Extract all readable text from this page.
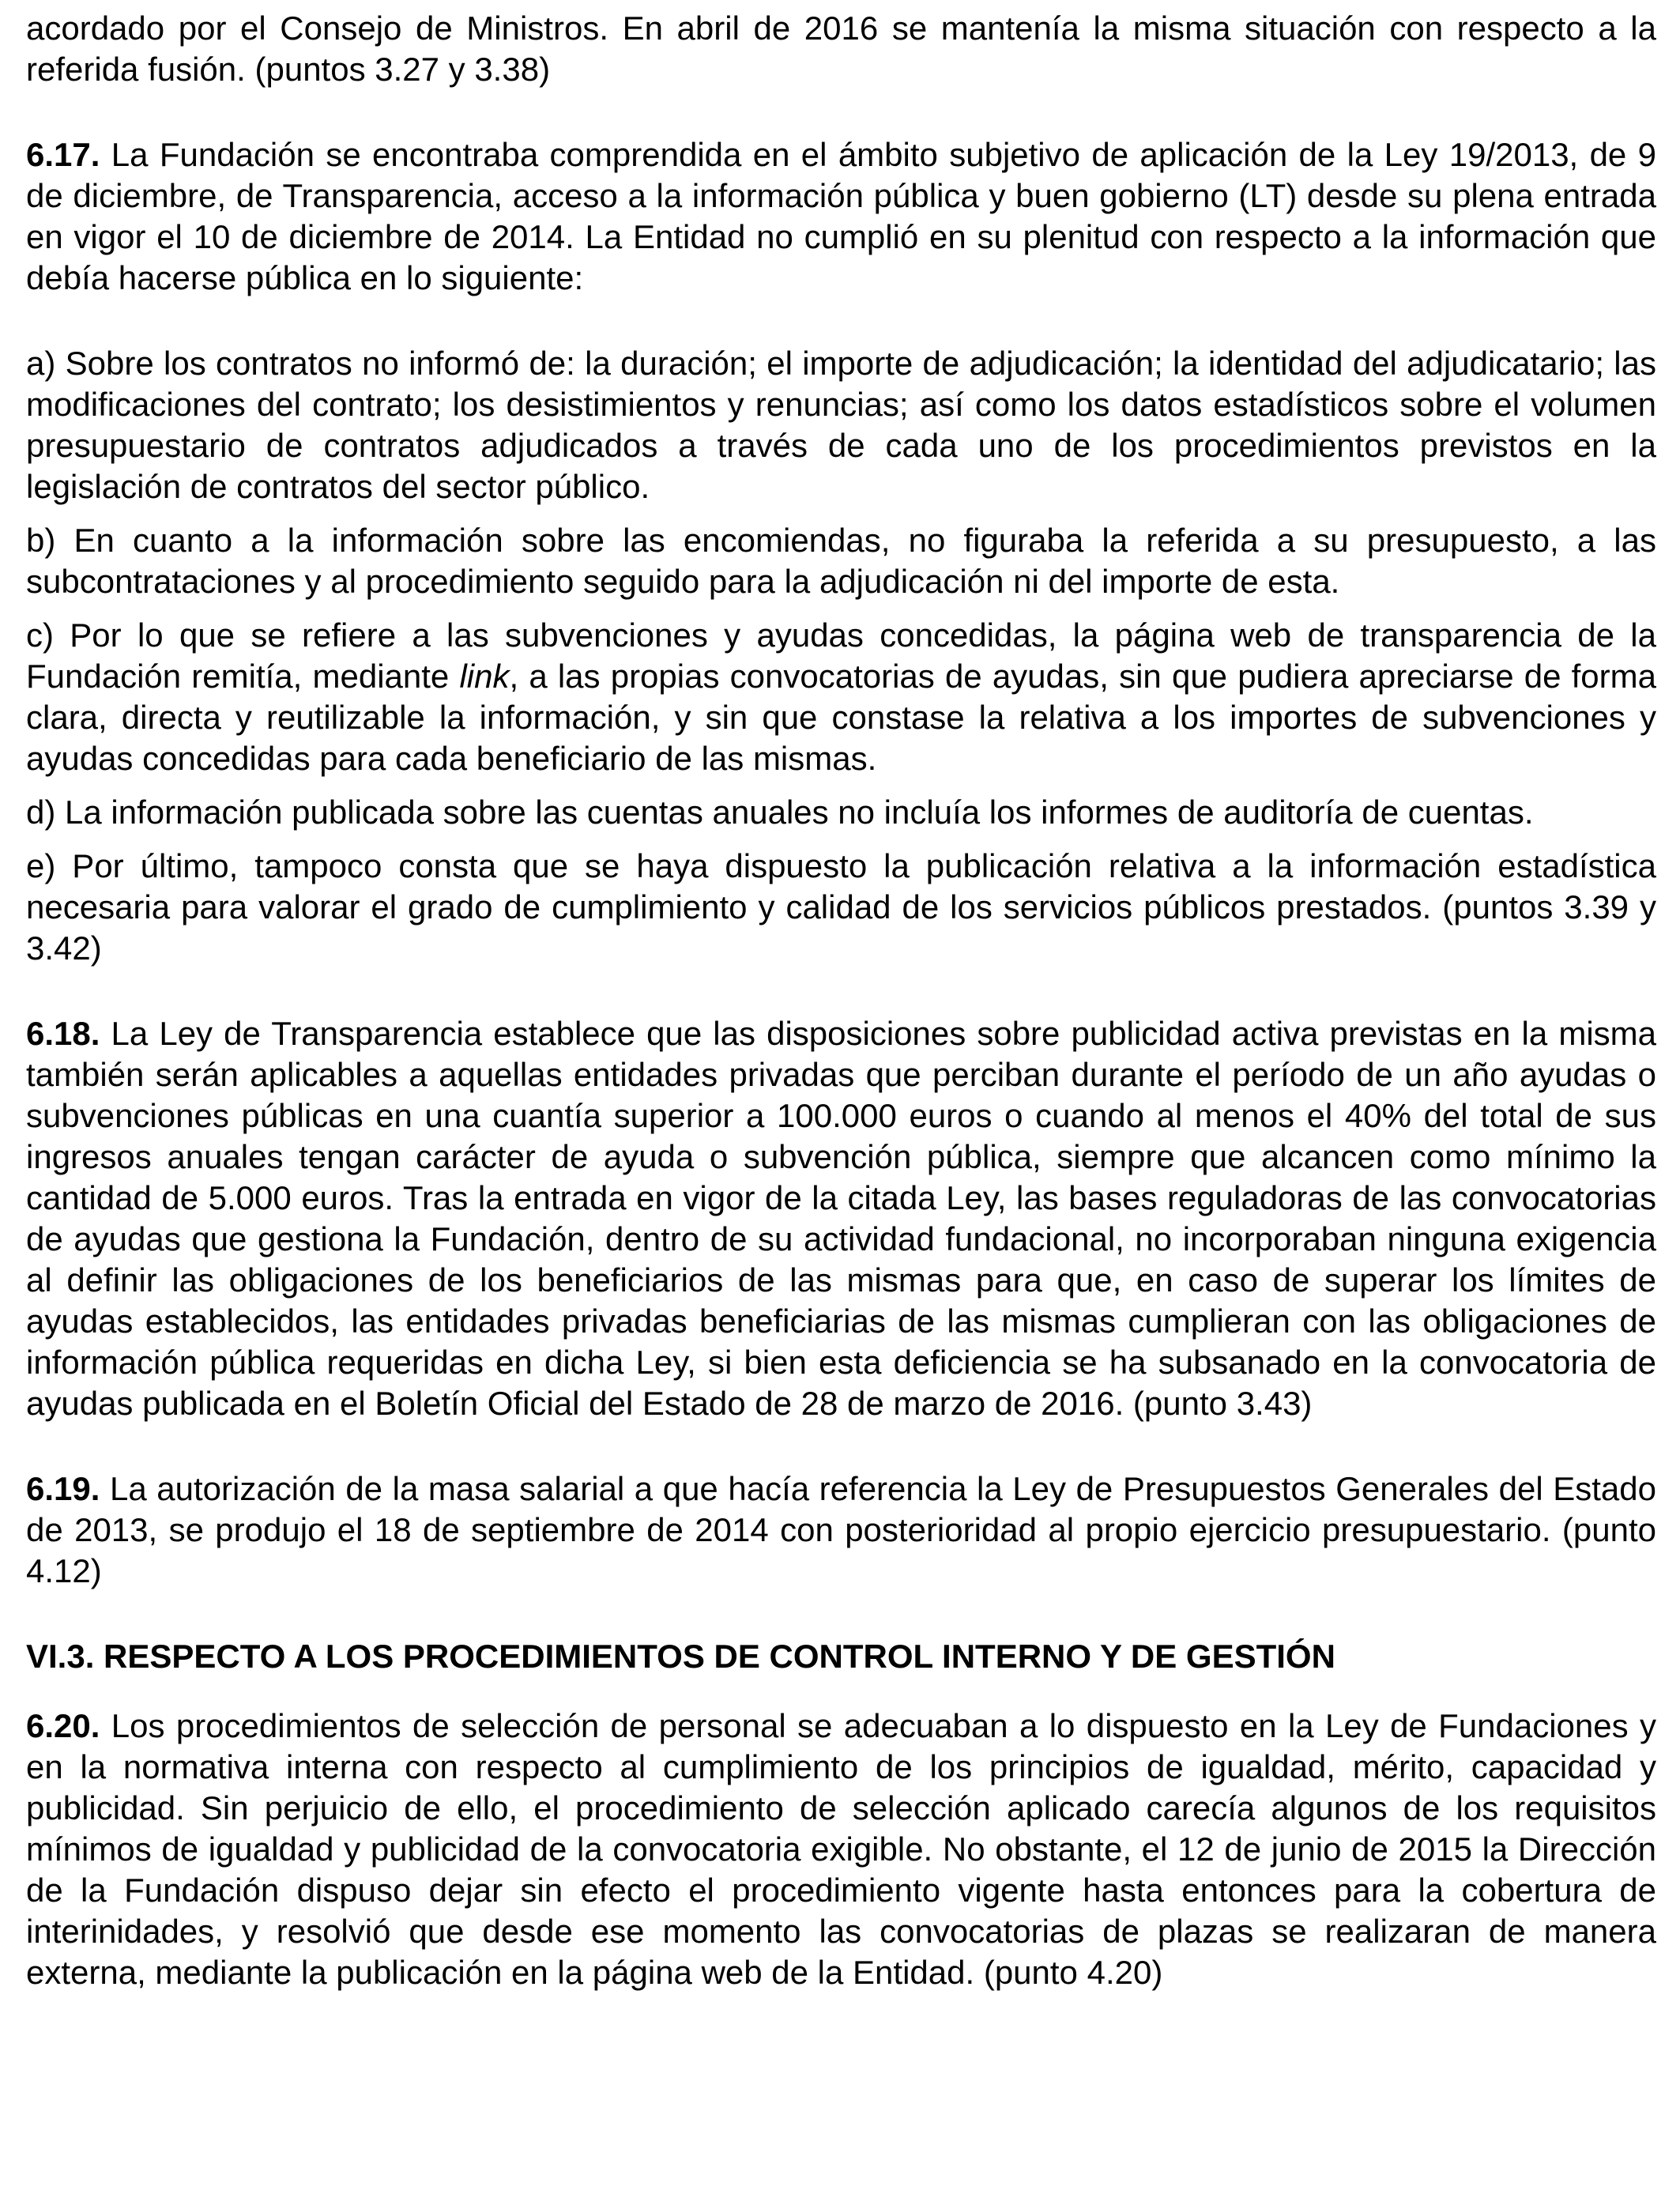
acordado por el Consejo de Ministros. En abril de 2016 se mantenía la misma situación con respecto a la referida fusión. (puntos 3.27 y 3.38)

6.17. La Fundación se encontraba comprendida en el ámbito subjetivo de aplicación de la Ley 19/2013, de 9 de diciembre, de Transparencia, acceso a la información pública y buen gobierno (LT) desde su plena entrada en vigor el 10 de diciembre de 2014. La Entidad no cumplió en su plenitud con respecto a la información que debía hacerse pública en lo siguiente:

a) Sobre los contratos no informó de: la duración; el importe de adjudicación; la identidad del adjudicatario; las modificaciones del contrato; los desistimientos y renuncias; así como los datos estadísticos sobre el volumen presupuestario de contratos adjudicados a través de cada uno de los procedimientos previstos en la legislación de contratos del sector público.

b) En cuanto a la información sobre las encomiendas, no figuraba la referida a su presupuesto, a las subcontrataciones y al procedimiento seguido para la adjudicación ni del importe de esta.

c) Por lo que se refiere a las subvenciones y ayudas concedidas, la página web de transparencia de la Fundación remitía, mediante link, a las propias convocatorias de ayudas, sin que pudiera apreciarse de forma clara, directa y reutilizable la información, y sin que constase la relativa a los importes de subvenciones y ayudas concedidas para cada beneficiario de las mismas.

d) La información publicada sobre las cuentas anuales no incluía los informes de auditoría de cuentas.

e) Por último, tampoco consta que se haya dispuesto la publicación relativa a la información estadística necesaria para valorar el grado de cumplimiento y calidad de los servicios públicos prestados. (puntos 3.39 y 3.42)

6.18. La Ley de Transparencia establece que las disposiciones sobre publicidad activa previstas en la misma también serán aplicables a aquellas entidades privadas que perciban durante el período de un año ayudas o subvenciones públicas en una cuantía superior a 100.000 euros o cuando al menos el 40% del total de sus ingresos anuales tengan carácter de ayuda o subvención pública, siempre que alcancen como mínimo la cantidad de 5.000 euros. Tras la entrada en vigor de la citada Ley, las bases reguladoras de las convocatorias de ayudas que gestiona la Fundación, dentro de su actividad fundacional, no incorporaban ninguna exigencia al definir las obligaciones de los beneficiarios de las mismas para que, en caso de superar los límites de ayudas establecidos, las entidades privadas beneficiarias de las mismas cumplieran con las obligaciones de información pública requeridas en dicha Ley, si bien esta deficiencia se ha subsanado en la convocatoria de ayudas publicada en el Boletín Oficial del Estado de 28 de marzo de 2016. (punto 3.43)

6.19. La autorización de la masa salarial a que hacía referencia la Ley de Presupuestos Generales del Estado de 2013, se produjo el 18 de septiembre de 2014 con posterioridad al propio ejercicio presupuestario. (punto 4.12)

VI.3. RESPECTO A LOS PROCEDIMIENTOS DE CONTROL INTERNO Y DE GESTIÓN

6.20. Los procedimientos de selección de personal se adecuaban a lo dispuesto en la Ley de Fundaciones y en la normativa interna con respecto al cumplimiento de los principios de igualdad, mérito, capacidad y publicidad. Sin perjuicio de ello, el procedimiento de selección aplicado carecía algunos de los requisitos mínimos de igualdad y publicidad de la convocatoria exigible. No obstante, el 12 de junio de 2015 la Dirección de la Fundación dispuso dejar sin efecto el procedimiento vigente hasta entonces para la cobertura de interinidades, y resolvió que desde ese momento las convocatorias de plazas se realizaran de manera externa, mediante la publicación en la página web de la Entidad. (punto 4.20)
